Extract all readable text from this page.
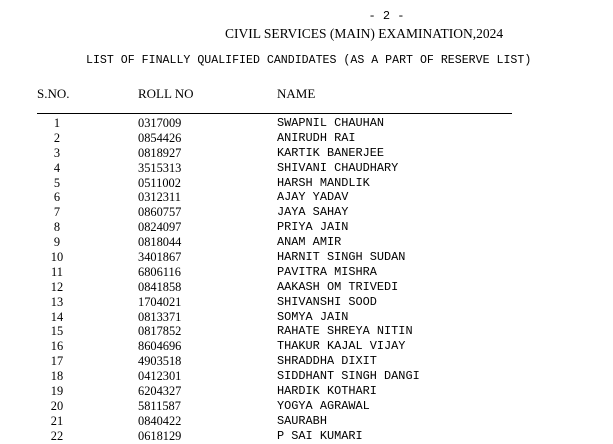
- 2 -
CIVIL SERVICES (MAIN) EXAMINATION,2024
LIST OF FINALLY QUALIFIED CANDIDATES (AS A PART OF RESERVE LIST)
S.NO.	ROLL NO	NAME
1	0317009	SWAPNIL CHAUHAN
2	0854426	ANIRUDH RAI
3	0818927	KARTIK BANERJEE
4	3515313	SHIVANI CHAUDHARY
5	0511002	HARSH MANDLIK
6	0312311	AJAY YADAV
7	0860757	JAYA SAHAY
8	0824097	PRIYA JAIN
9	0818044	ANAM AMIR
10	3401867	HARNIT SINGH SUDAN
11	6806116	PAVITRA MISHRA
12	0841858	AAKASH OM TRIVEDI
13	1704021	SHIVANSHI SOOD
14	0813371	SOMYA JAIN
15	0817852	RAHATE SHREYA NITIN
16	8604696	THAKUR KAJAL VIJAY
17	4903518	SHRADDHA DIXIT
18	0412301	SIDDHANT SINGH DANGI
19	6204327	HARDIK KOTHARI
20	5811587	YOGYA AGRAWAL
21	0840422	SAURABH
22	0618129	P SAI KUMARI
